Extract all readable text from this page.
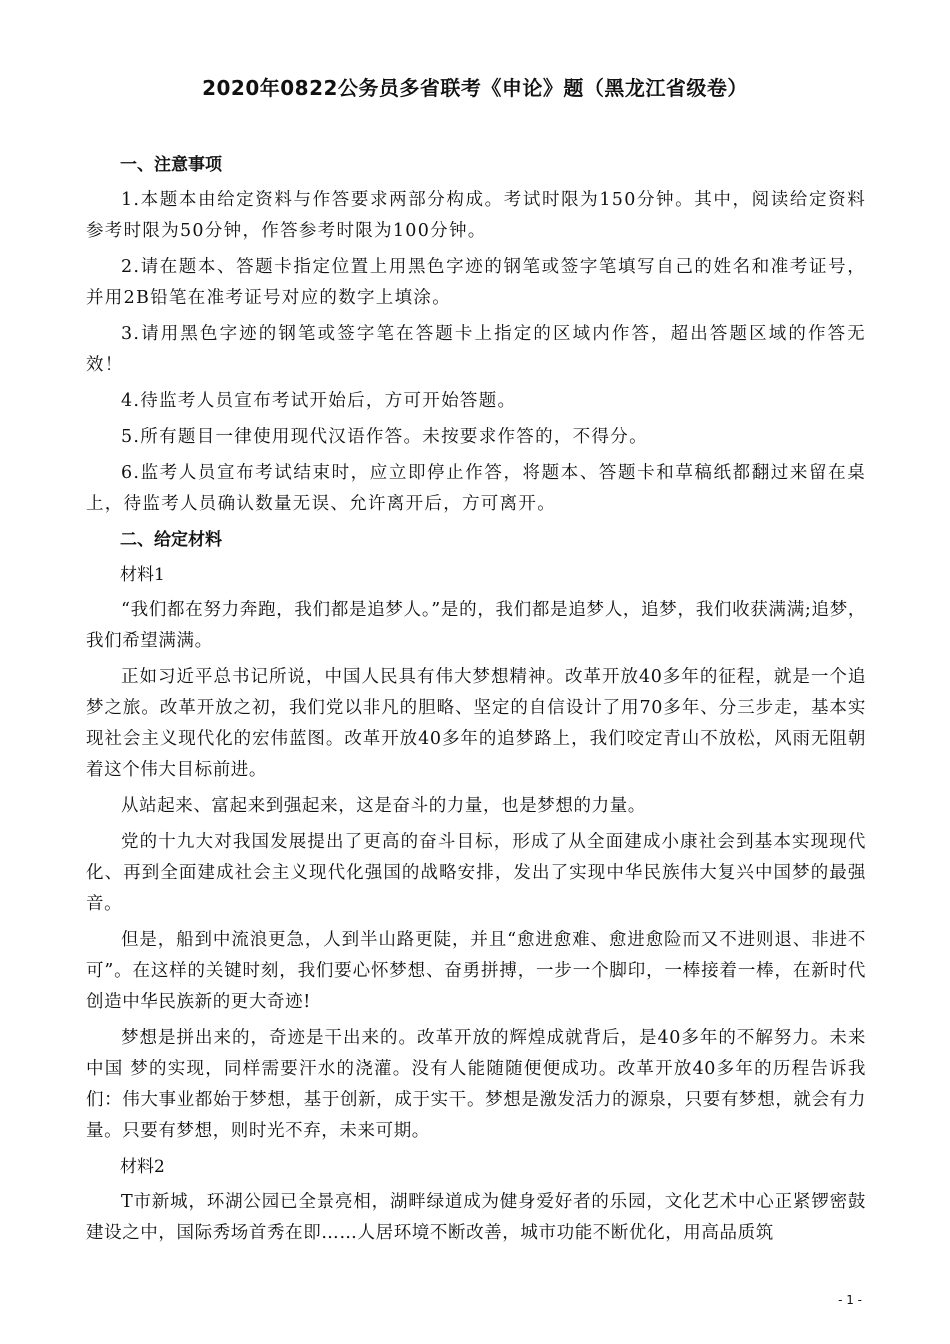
2020年0822公务员多省联考《申论》题（黑龙江省级卷）
一、注意事项

1.本题本由给定资料与作答要求两部分构成。考试时限为150分钟。其中，阅读给定资料参考时限为50分钟，作答参考时限为100分钟。

2.请在题本、答题卡指定位置上用黑色字迹的钢笔或签字笔填写自己的姓名和准考证号，并用2B铅笔在准考证号对应的数字上填涂。

3.请用黑色字迹的钢笔或签字笔在答题卡上指定的区域内作答，超出答题区域的作答无效！

4.待监考人员宣布考试开始后，方可开始答题。

5.所有题目一律使用现代汉语作答。未按要求作答的，不得分。

6.监考人员宣布考试结束时，应立即停止作答，将题本、答题卡和草稿纸都翻过来留在桌上，待监考人员确认数量无误、允许离开后，方可离开。

二、给定材料
材料1

“我们都在努力奔跑，我们都是追梦人。”是的，我们都是追梦人，追梦，我们收获满满;追梦，我们希望满满。

正如习近平总书记所说，中国人民具有伟大梦想精神。改革开放40多年的征程，就是一个追梦之旅。改革开放之初，我们党以非凡的胆略、坚定的自信设计了用70多年、分三步走，基本实现社会主义现代化的宏伟蓝图。改革开放40多年的追梦路上，我们咬定青山不放松，风雨无阻朝着这个伟大目标前进。

从站起来、富起来到强起来，这是奋斗的力量，也是梦想的力量。

党的十九大对我国发展提出了更高的奋斗目标，形成了从全面建成小康社会到基本实现现代化、再到全面建成社会主义现代化强国的战略安排，发出了实现中华民族伟大复兴中国梦的最强音。

但是，船到中流浪更急，人到半山路更陡，并且“愈进愈难、愈进愈险而又不进则退、非进不可”。在这样的关键时刻，我们要心怀梦想、奋勇拼搏，一步一个脚印，一棒接着一棒，在新时代创造中华民族新的更大奇迹!

梦想是拼出来的，奇迹是干出来的。改革开放的辉煌成就背后，是40多年的不解努力。未来中国 梦的实现，同样需要汗水的浇灌。没有人能随随便便成功。改革开放40多年的历程告诉我们：伟大事业都始于梦想，基于创新，成于实干。梦想是激发活力的源泉，只要有梦想，就会有力量。只要有梦想，则时光不弃，未来可期。

材料2

T市新城，环湖公园已全景亮相，湖畔绿道成为健身爱好者的乐园，文化艺术中心正紧锣密鼓建设之中，国际秀场首秀在即……人居环境不断改善，城市功能不断优化，用高品质筑

- 1 -
